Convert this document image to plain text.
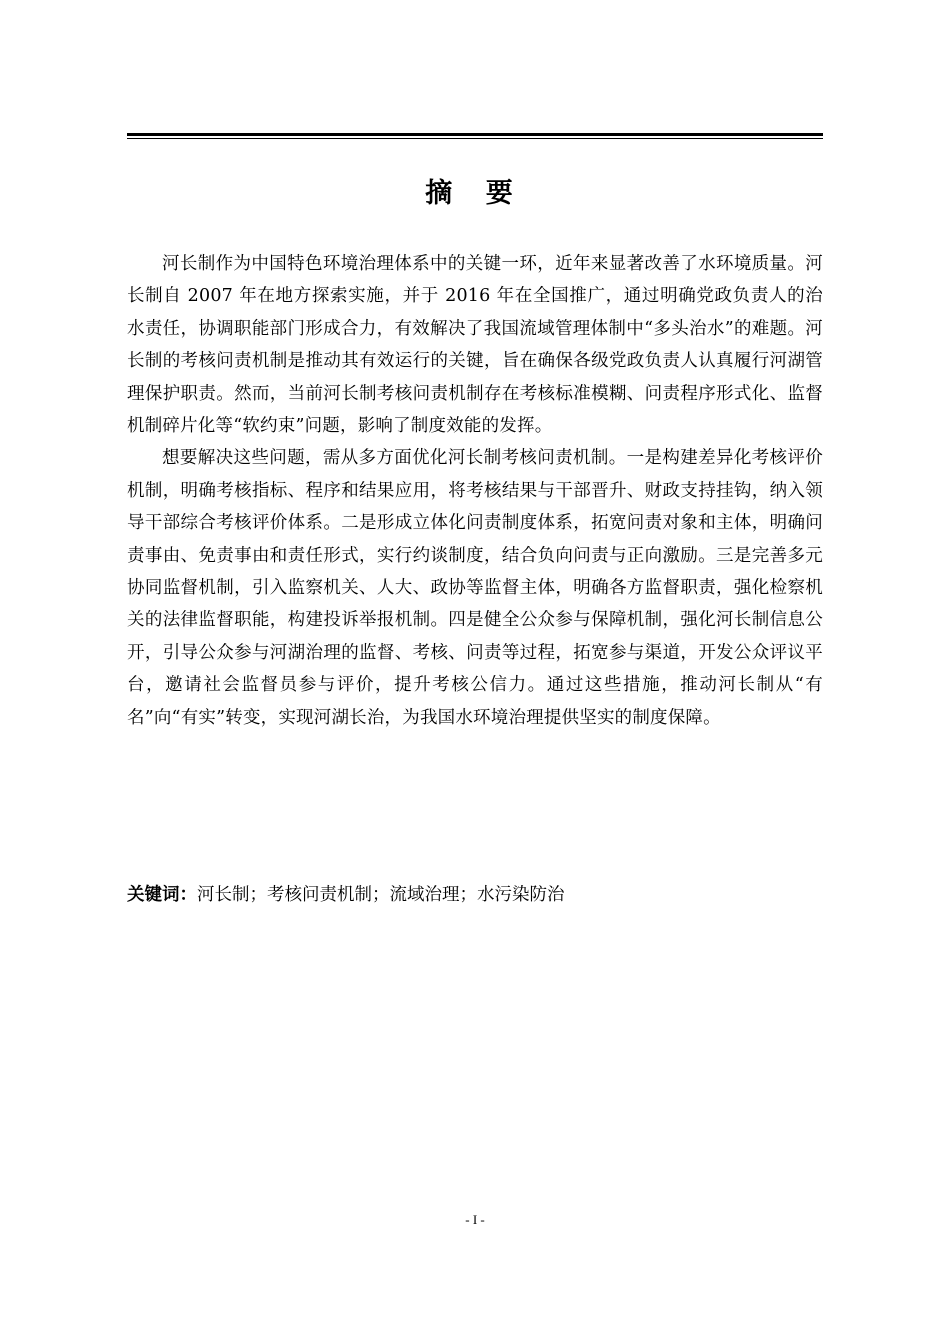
摘 要

河长制作为中国特色环境治理体系中的关键一环，近年来显著改善了水环境质量。河长制自 2007 年在地方探索实施，并于 2016 年在全国推广，通过明确党政负责人的治水责任，协调职能部门形成合力，有效解决了我国流域管理体制中“多头治水”的难题。河长制的考核问责机制是推动其有效运行的关键，旨在确保各级党政负责人认真履行河湖管理保护职责。然而，当前河长制考核问责机制存在考核标准模糊、问责程序形式化、监督机制碎片化等“软约束”问题，影响了制度效能的发挥。

想要解决这些问题，需从多方面优化河长制考核问责机制。一是构建差异化考核评价机制，明确考核指标、程序和结果应用，将考核结果与干部晋升、财政支持挂钩，纳入领导干部综合考核评价体系。二是形成立体化问责制度体系，拓宽问责对象和主体，明确问责事由、免责事由和责任形式，实行约谈制度，结合负向问责与正向激励。三是完善多元协同监督机制，引入监察机关、人大、政协等监督主体，明确各方监督职责，强化检察机关的法律监督职能，构建投诉举报机制。四是健全公众参与保障机制，强化河长制信息公开，引导公众参与河湖治理的监督、考核、问责等过程，拓宽参与渠道，开发公众评议平台，邀请社会监督员参与评价，提升考核公信力。通过这些措施，推动河长制从“有名”向“有实”转变，实现河湖长治，为我国水环境治理提供坚实的制度保障。

关键词：河长制；考核问责机制；流域治理；水污染防治
- I -
